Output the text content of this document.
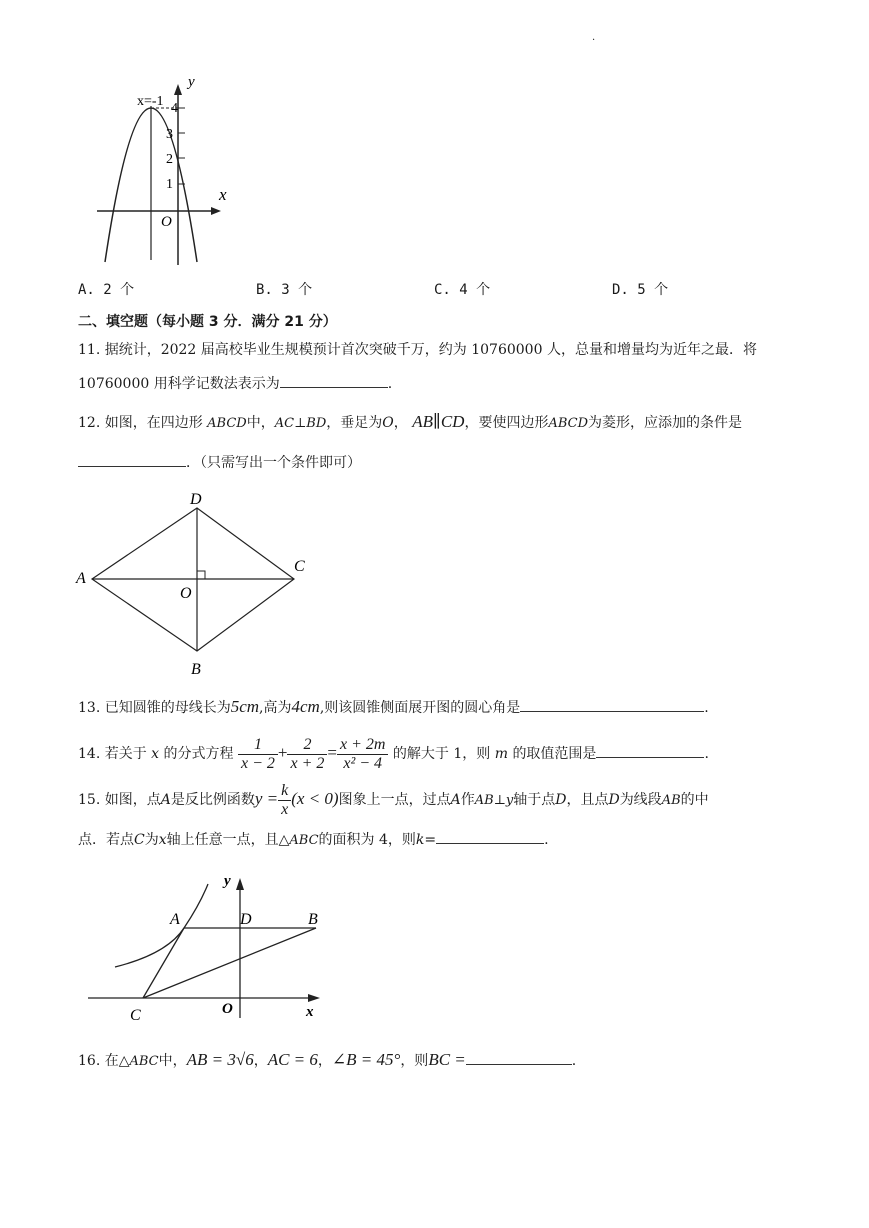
.
y
x
O
x=-1
3
2
1
4
A. 2 个	B. 3 个	C. 4 个	D. 5 个
二、填空题（每小题 3 分．满分 21 分）
11. 据统计，2022 届高校毕业生规模预计首次突破千万，约为 10760000 人，总量和增量均为近年之最．将
10760000 用科学记数法表示为	.
12. 如图，在四边形 ABCD中，AC⊥BD，垂足为O， AB∥CD，要使四边形ABCD为菱形，应添加的条件是
．（只需写出一个条件即可）
D
A
C
O
B
13. 已知圆锥的母线长为5cm,高为4cm,则该圆锥侧面展开图的圆心角是	.
14. 若关于 x 的分式方程 $\frac{1}{x - 2} + \frac{2}{x + 2} = \frac{x + 2m}{\text{x² − 4}}$ 的解大于 1，则 m 的取值范围是	.
15. 如图，点A是反比例函数$y = \frac{k}{x} (x < 0)$图象上一点，过点A作AB⊥y轴于点D，且点D为线段AB的中
点．若点C为x轴上任意一点，且△ABC的面积为 4，则k=	.
y
A	D	B
C	O	x
16. 在△ABC中，AB = 3√6，AC = 6，∠B = 45°，则BC =	.
